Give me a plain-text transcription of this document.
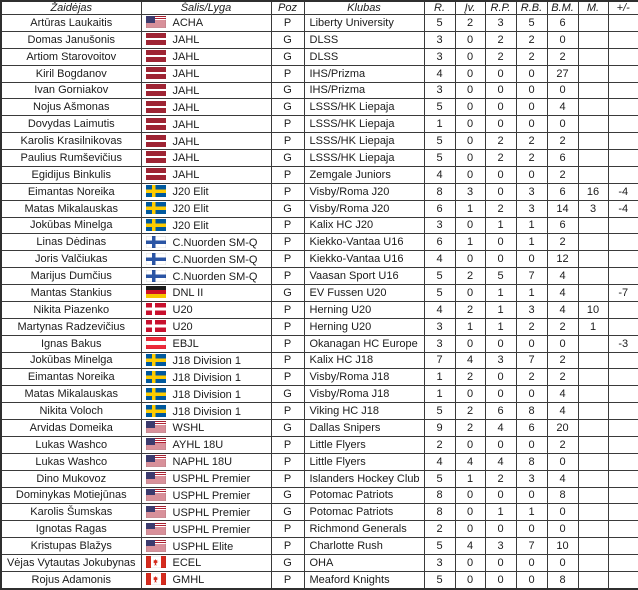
Žaidėjas	Šalis/Lyga	Poz	Klubas	R.	Įv.	R.P.	R.B.	B.M.	M.	+/-
Artūras Laukaitis	ACHA	P	Liberty University	5	2	3	5	6		
Domas Janušonis	JAHL	G	DLSS	3	0	2	2	0		
Artiom Starovoitov	JAHL	G	DLSS	3	0	2	2	2		
Kiril Bogdanov	JAHL	P	IHS/Prizma	4	0	0	0	27		
Ivan Gorniakov	JAHL	G	IHS/Prizma	3	0	0	0	0		
Nojus Ašmonas	JAHL	G	LSSS/HK Liepaja	5	0	0	0	4		
Dovydas Laimutis	JAHL	P	LSSS/HK Liepaja	1	0	0	0	0		
Karolis Krasilnikovas	JAHL	P	LSSS/HK Liepaja	5	0	2	2	2		
Paulius Rumševičius	JAHL	G	LSSS/HK Liepaja	5	0	2	2	6		
Egidijus Binkulis	JAHL	P	Zemgale Juniors	4	0	0	0	2		
Eimantas Noreika	J20 Elit	P	Visby/Roma J20	8	3	0	3	6	16	-4
Matas Mikalauskas	J20 Elit	G	Visby/Roma J20	6	1	2	3	14	3	-4
Jokūbas Minelga	J20 Elit	P	Kalix HC J20	3	0	1	1	6		
Linas Dėdinas	C.Nuorden SM-Q	P	Kiekko-Vantaa U16	6	1	0	1	2		
Joris Valčiukas	C.Nuorden SM-Q	P	Kiekko-Vantaa U16	4	0	0	0	12		
Marijus Dumčius	C.Nuorden SM-Q	P	Vaasan Sport U16	5	2	5	7	4		
Mantas Stankius	DNL II	G	EV Fussen U20	5	0	1	1	4		-7
Nikita Piazenko	U20	P	Herning U20	4	2	1	3	4	10	
Martynas Radzevičius	U20	P	Herning U20	3	1	1	2	2	1	
Ignas Bakus	EBJL	P	Okanagan HC Europe	3	0	0	0	0		-3
Jokūbas Minelga	J18 Division 1	P	Kalix HC J18	7	4	3	7	2		
Eimantas Noreika	J18 Division 1	P	Visby/Roma J18	1	2	0	2	2		
Matas Mikalauskas	J18 Division 1	G	Visby/Roma J18	1	0	0	0	4		
Nikita Voloch	J18 Division 1	P	Viking HC J18	5	2	6	8	4		
Arvidas Domeika	WSHL	G	Dallas Snipers	9	2	4	6	20		
Lukas Washco	AYHL 18U	P	Little Flyers	2	0	0	0	2		
Lukas Washco	NAPHL 18U	P	Little Flyers	4	4	4	8	0		
Dino Mukovoz	USPHL Premier	P	Islanders Hockey Club	5	1	2	3	4		
Dominykas Motiejūnas	USPHL Premier	G	Potomac Patriots	8	0	0	0	8		
Karolis Šumskas	USPHL Premier	G	Potomac Patriots	8	0	1	1	0		
Ignotas Ragas	USPHL Premier	P	Richmond Generals	2	0	0	0	0		
Kristupas Blažys	USPHL Elite	P	Charlotte Rush	5	4	3	7	10		
Vėjas Vytautas Jokubynas	ECEL	G	OHA	3	0	0	0	0		
Rojus Adamonis	GMHL	P	Meaford Knights	5	0	0	0	8		
